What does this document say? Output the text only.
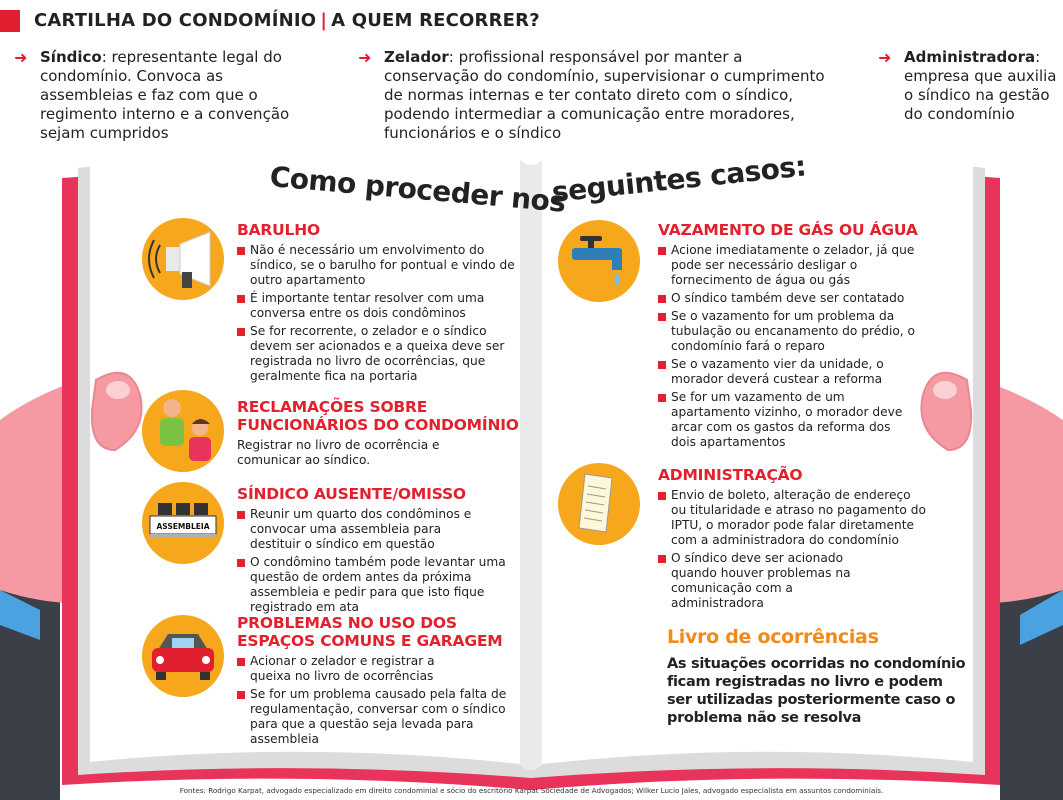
CARTILHA DO CONDOMÍNIO | A QUEM RECORRER?
➜ Síndico: representante legal do condomínio. Convoca as assembleias e faz com que o regimento interno e a convenção sejam cumpridos
➜ Zelador: profissional responsável por manter a conservação do condomínio, supervisionar o cumprimento de normas internas e ter contato direto com o síndico, podendo intermediar a comunicação entre moradores, funcionários e o síndico
➜ Administradora: empresa que auxilia o síndico na gestão do condomínio
ASSEMBLEIA
Como proceder nos
seguintes casos:
BARULHO
Não é necessário um envolvimento do síndico, se o barulho for pontual e vindo de outro apartamento
É importante tentar resolver com uma conversa entre os dois condôminos
Se for recorrente, o zelador e o síndico devem ser acionados e a queixa deve ser registrada no livro de ocorrências, que geralmente fica na portaria
RECLAMAÇÕES SOBRE
FUNCIONÁRIOS DO CONDOMÍNIO

Registrar no livro de ocorrência e comunicar ao síndico.

SÍNDICO AUSENTE/OMISSO
Reunir um quarto dos condôminos e convocar uma assembleia para destituir o síndico em questão
O condômino também pode levantar uma questão de ordem antes da próxima assembleia e pedir para que isto fique registrado em ata
PROBLEMAS NO USO DOS
ESPAÇOS COMUNS E GARAGEM
Acionar o zelador e registrar a queixa no livro de ocorrências
Se for um problema causado pela falta de regulamentação, conversar com o síndico para que a questão seja levada para assembleia
VAZAMENTO DE GÁS OU ÁGUA
Acione imediatamente o zelador, já que pode ser necessário desligar o fornecimento de água ou gás
O síndico também deve ser contatado
Se o vazamento for um problema da tubulação ou encanamento do prédio, o condomínio fará o reparo
Se o vazamento vier da unidade, o morador deverá custear a reforma
Se for um vazamento de um apartamento vizinho, o morador deve arcar com os gastos da reforma dos dois apartamentos
ADMINISTRAÇÃO
Envio de boleto, alteração de endereço ou titularidade e atraso no pagamento do IPTU, o morador pode falar diretamente com a administradora do condomínio
O síndico deve ser acionado quando houver problemas na comunicação com a administradora
Livro de ocorrências

As situações ocorridas no condomínio ficam registradas no livro e podem ser utilizadas posteriormente caso o problema não se resolva

Fontes: Rodrigo Karpat, advogado especializado em direito condominial e sócio do escritório Karpat Sociedade de Advogados; Wilker Lucio Jales, advogado especialista em assuntos condominiais.
